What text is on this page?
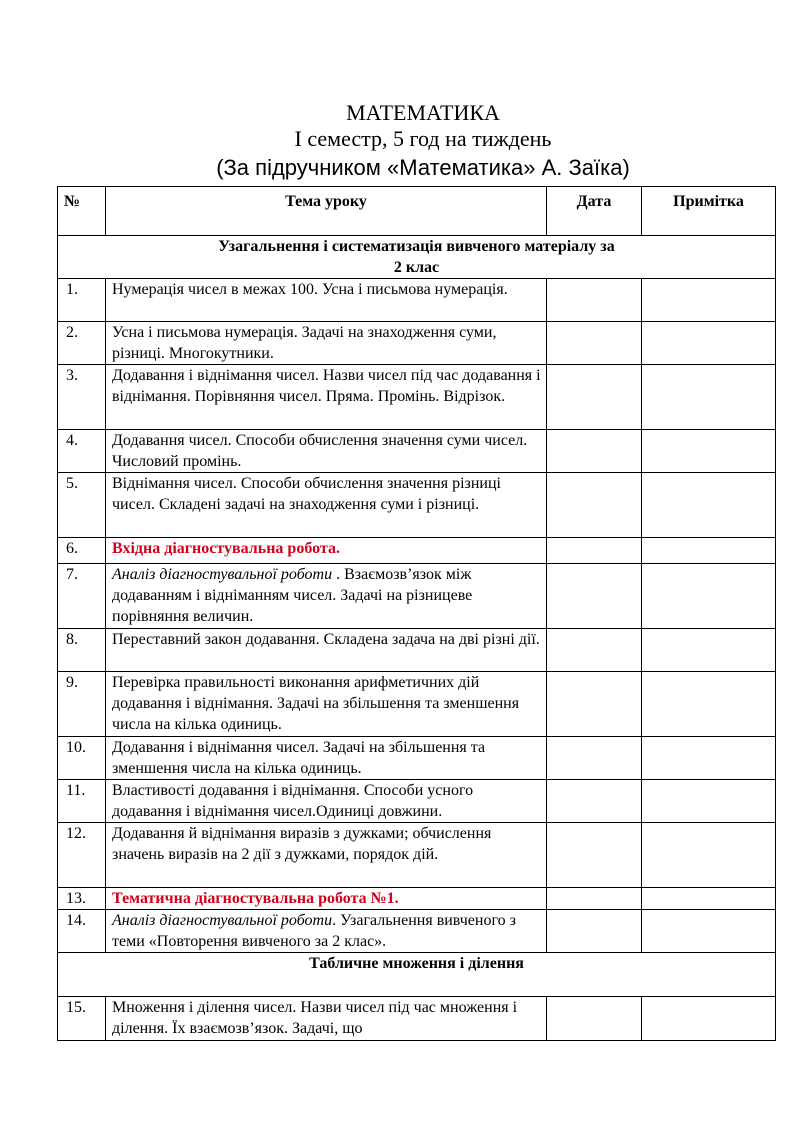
МАТЕМАТИКА
I семестр, 5 год на тиждень
(За підручником «Математика» А. Заїка)
№	Тема уроку	Дата	Примітка
Узагальнення і систематизація вивченого матеріалу за 2 клас			
1.	Нумерація чисел в межах 100. Усна і письмова нумерація.		
2.	Усна і письмова нумерація. Задачі на знаходження суми, різниці. Многокутники.		
3.	Додавання і віднімання чисел. Назви чисел під час додавання і віднімання. Порівняння чисел. Пряма. Промінь. Відрізок.		
4.	Додавання чисел. Способи обчислення значення суми чисел. Числовий промінь.		
5.	Віднімання чисел. Способи обчислення значення різниці чисел. Складені задачі на знаходження суми і різниці.		
6.	Вхідна діагностувальна робота.		
7.	Аналіз діагностувальної роботи . Взаємозв’язок між додаванням і відніманням чисел. Задачі на різницеве порівняння величин.		
8.	Переставний закон додавання. Складена задача на дві різні дії.		
9.	Перевірка правильності виконання арифметичних дій додавання і віднімання. Задачі на збільшення та зменшення числа на кілька одиниць.		
10.	Додавання і віднімання чисел. Задачі на збільшення та зменшення числа на кілька одиниць.		
11.	Властивості додавання і віднімання. Способи усного додавання і віднімання чисел.Одиниці довжини.		
12.	Додавання й віднімання виразів з дужками; обчислення значень виразів на 2 дії з дужками, порядок дій.		
13.	Тематична діагностувальна робота №1.		
14.	Аналіз діагностувальної роботи. Узагальнення вивченого з теми «Повторення вивченого за 2 клас».		
Табличне множення і ділення			
15.	Множення і ділення чисел. Назви чисел під час множення і ділення. Їх взаємозв’язок. Задачі, що		
